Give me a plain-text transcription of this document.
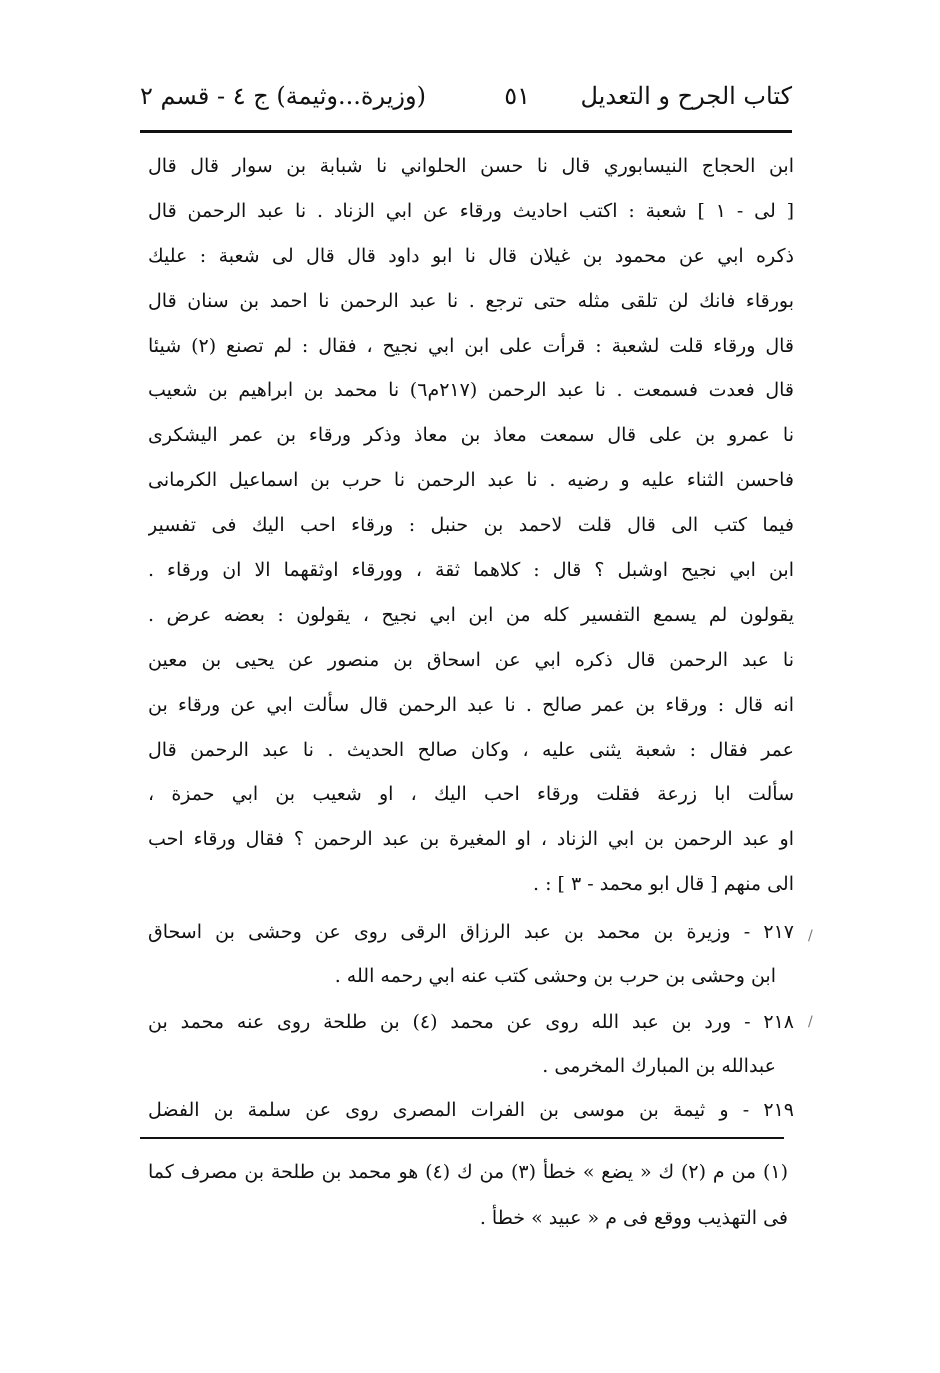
كتاب الجرح و التعديل
٥١
(وزيرة...وثيمة) ج ٤ - قسم ٢
ابن الحجاج النيسابوري قال نا حسن الحلواني نا شبابة بن سوار قال قال
[ لى - ١ ] شعبة : اكتب احاديث ورقاء عن ابي الزناد . نا عبد الرحمن قال
ذكره ابي عن محمود بن غيلان قال نا ابو داود قال قال لى شعبة : عليك
بورقاء فانك لن تلقى مثله حتى ترجع . نا عبد الرحمن نا احمد بن سنان قال
قال ورقاء قلت لشعبة : قرأت على ابن ابي نجيح ، فقال : لم تصنع (٢) شيئا
قال فعدت فسمعت . نا عبد الرحمن (٢١٧م٦) نا محمد بن ابراهيم بن شعيب
نا عمرو بن على قال سمعت معاذ بن معاذ وذكر ورقاء بن عمر اليشكرى
فاحسن الثناء عليه و رضيه . نا عبد الرحمن نا حرب بن اسماعيل الكرمانى
فيما كتب الى قال قلت لاحمد بن حنبل : ورقاء احب اليك فى تفسير
ابن ابي نجيح اوشبل ؟ قال : كلاهما ثقة ، وورقاء اوثقهما الا ان ورقاء .
يقولون لم يسمع التفسير كله من ابن ابي نجيح ، يقولون : بعضه عرض .
نا عبد الرحمن قال ذكره ابي عن اسحاق بن منصور عن يحيى بن معين
انه قال : ورقاء بن عمر صالح . نا عبد الرحمن قال سألت ابي عن ورقاء بن
عمر فقال : شعبة يثنى عليه ، وكان صالح الحديث . نا عبد الرحمن قال
سألت ابا زرعة فقلت ورقاء احب اليك ، او شعيب بن ابي حمزة ،
او عبد الرحمن بن ابي الزناد ، او المغيرة بن عبد الرحمن ؟ فقال ورقاء احب
الى منهم [ قال ابو محمد - ٣ ] : .
/
٢١٧ - وزيرة بن محمد بن عبد الرزاق الرقى روى عن وحشى بن اسحاق
ابن وحشى بن حرب بن وحشى كتب عنه ابي رحمه الله .
/
٢١٨ - ورد بن عبد الله روى عن محمد (٤) بن طلحة روى عنه محمد بن
عبدالله بن المبارك المخرمى .
٢١٩ - و ثيمة بن موسى بن الفرات المصرى روى عن سلمة بن الفضل
(١) من م (٢) ك « يضع » خطأ (٣) من ك (٤) هو محمد بن طلحة بن مصرف كما
فى التهذيب ووقع فى م « عبيد » خطأ .
